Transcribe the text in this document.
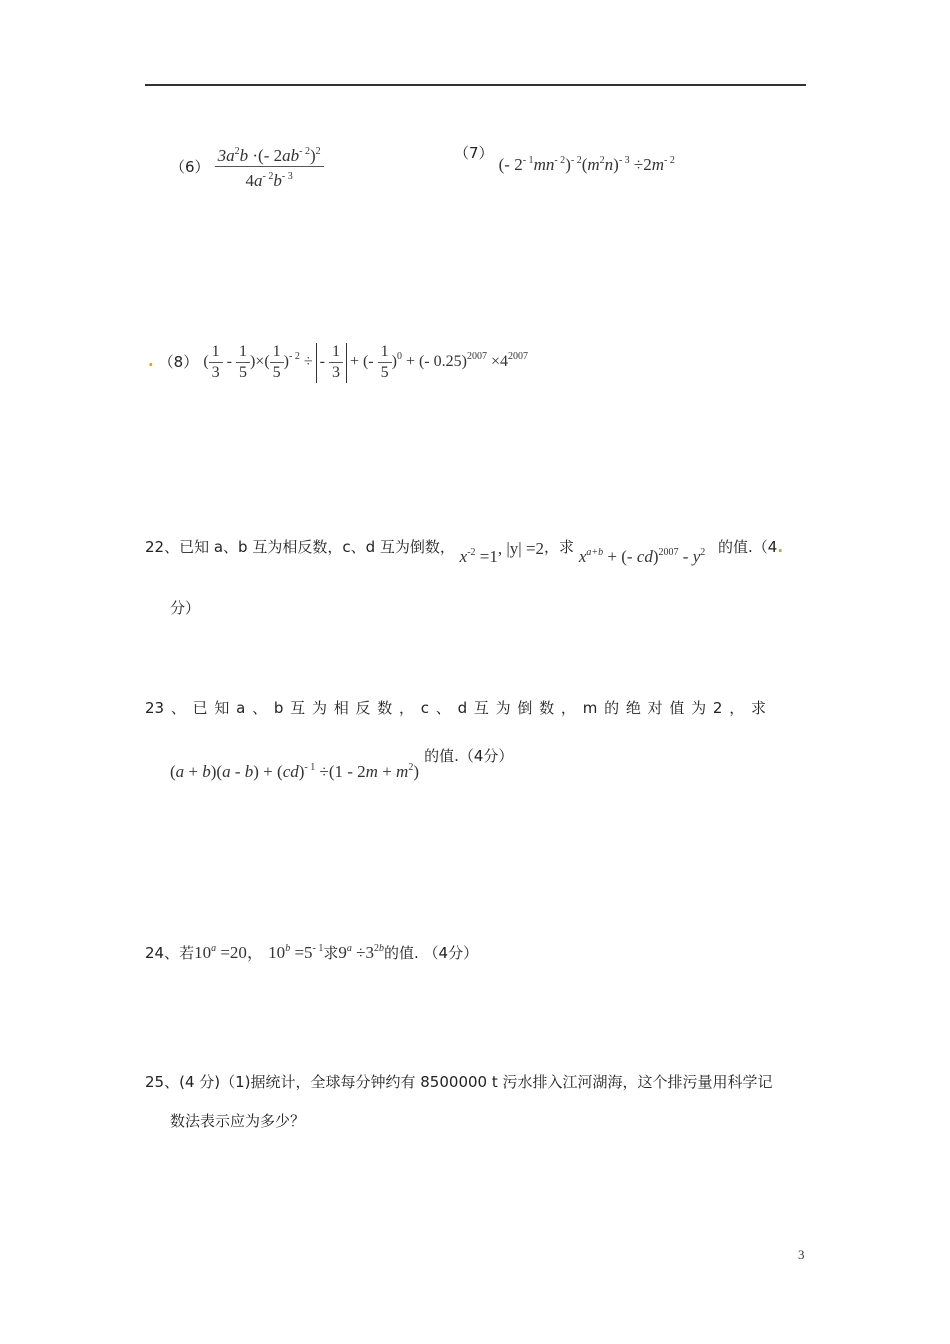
$(6) \frac{3a^2b \cdot(- 2ab^{- 2})^2}{4a^{- 2}b^{- 3}}$	（7） (- $2^{- 1}mn^{- 2})^{- 2}(m^2n)^{- 3} \div 2m^{- 2}$
. （8） ( $\frac{1}{3} - \frac{1}{5}$ )×( $\frac{1}{5} )^{- 2}$ ÷ - $\frac{1}{3}$ + (- $\frac{1}{5} )^0$ + (- $0.25)^{2007} \times 4^{2007}$
22、已知 a、b 互为相反数，c、d 互为倒数， $x^{-2} =1$, |y| =2，求 $x^{a+b}$ + (- $cd)^{2007} - y^2$ 的值.（4.
分）
23 、 已 知 a 、 b 互 为 相 反 数 ， c 、 d 互 为 倒 数 ， m 的 绝 对 值 为 2 ， 求
$(a + b)(a - b) + (cd)^{- 1} \div(1 - 2m + m^2)$ 的值.（4分）
24、若$10^a =20$， $10^b =5^{- 1}$求$9^a \div 3^{2b}$的值. （4分）
25、(4 分)（1)据统计，全球每分钟约有 8500000 t 污水排入江河湖海，这个排污量用科学记
数法表示应为多少？
3
